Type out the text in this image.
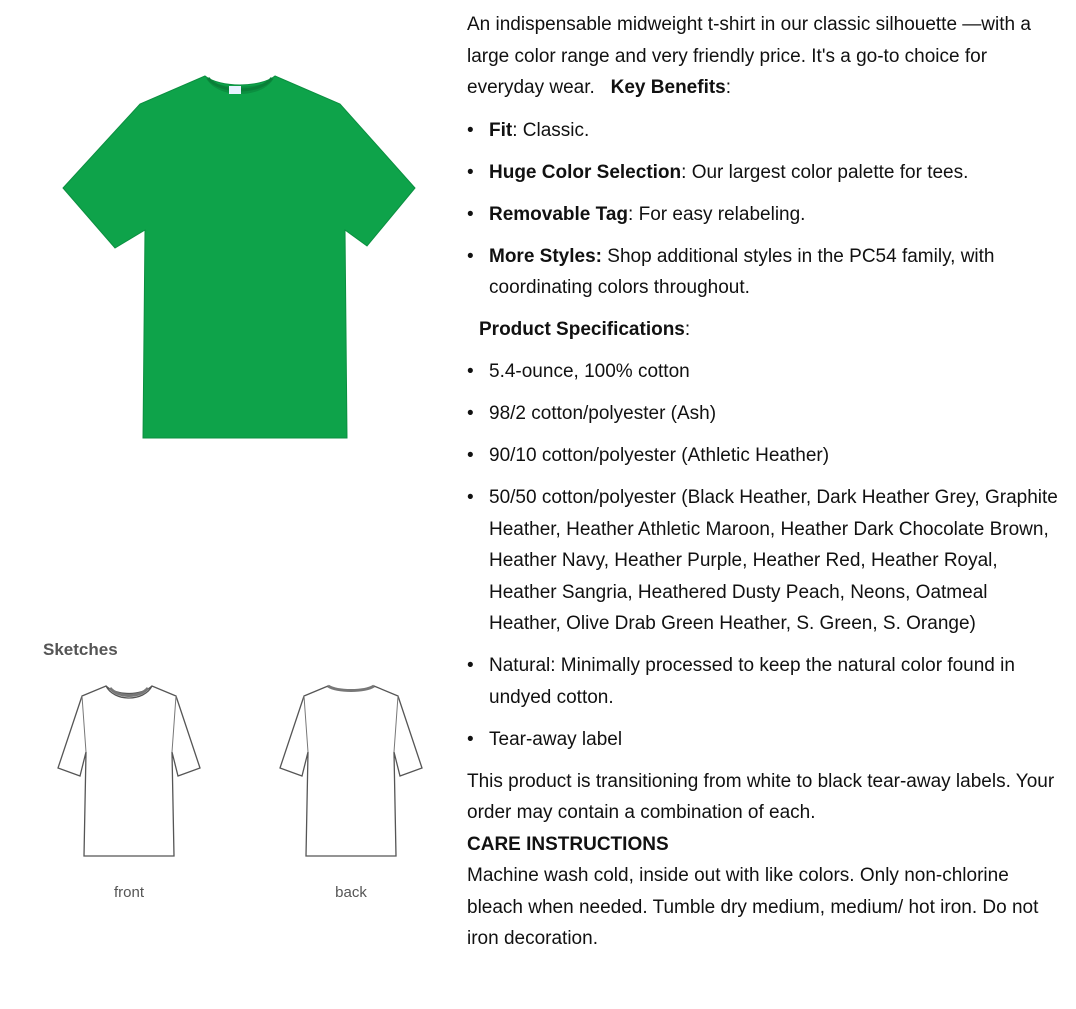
Sketches
front	back

An indispensable midweight t-shirt in our classic silhouette —with a large color range and very friendly price. It's a go-to choice for everyday wear. Key Benefits:

• Fit: Classic.
• Huge Color Selection: Our largest color palette for tees.
• Removable Tag: For easy relabeling.
• More Styles: Shop additional styles in the PC54 family, with coordinating colors throughout.

Product Specifications:

• 5.4-ounce, 100% cotton
• 98/2 cotton/polyester (Ash)
• 90/10 cotton/polyester (Athletic Heather)
• 50/50 cotton/polyester (Black Heather, Dark Heather Grey, Graphite Heather, Heather Athletic Maroon, Heather Dark Chocolate Brown, Heather Navy, Heather Purple, Heather Red, Heather Royal, Heather Sangria, Heathered Dusty Peach, Neons, Oatmeal Heather, Olive Drab Green Heather, S. Green, S. Orange)
• Natural: Minimally processed to keep the natural color found in undyed cotton.
• Tear-away label

This product is transitioning from white to black tear-away labels. Your order may contain a combination of each.

CARE INSTRUCTIONS

Machine wash cold, inside out with like colors. Only non-chlorine bleach when needed. Tumble dry medium, medium/ hot iron. Do not iron decoration.
